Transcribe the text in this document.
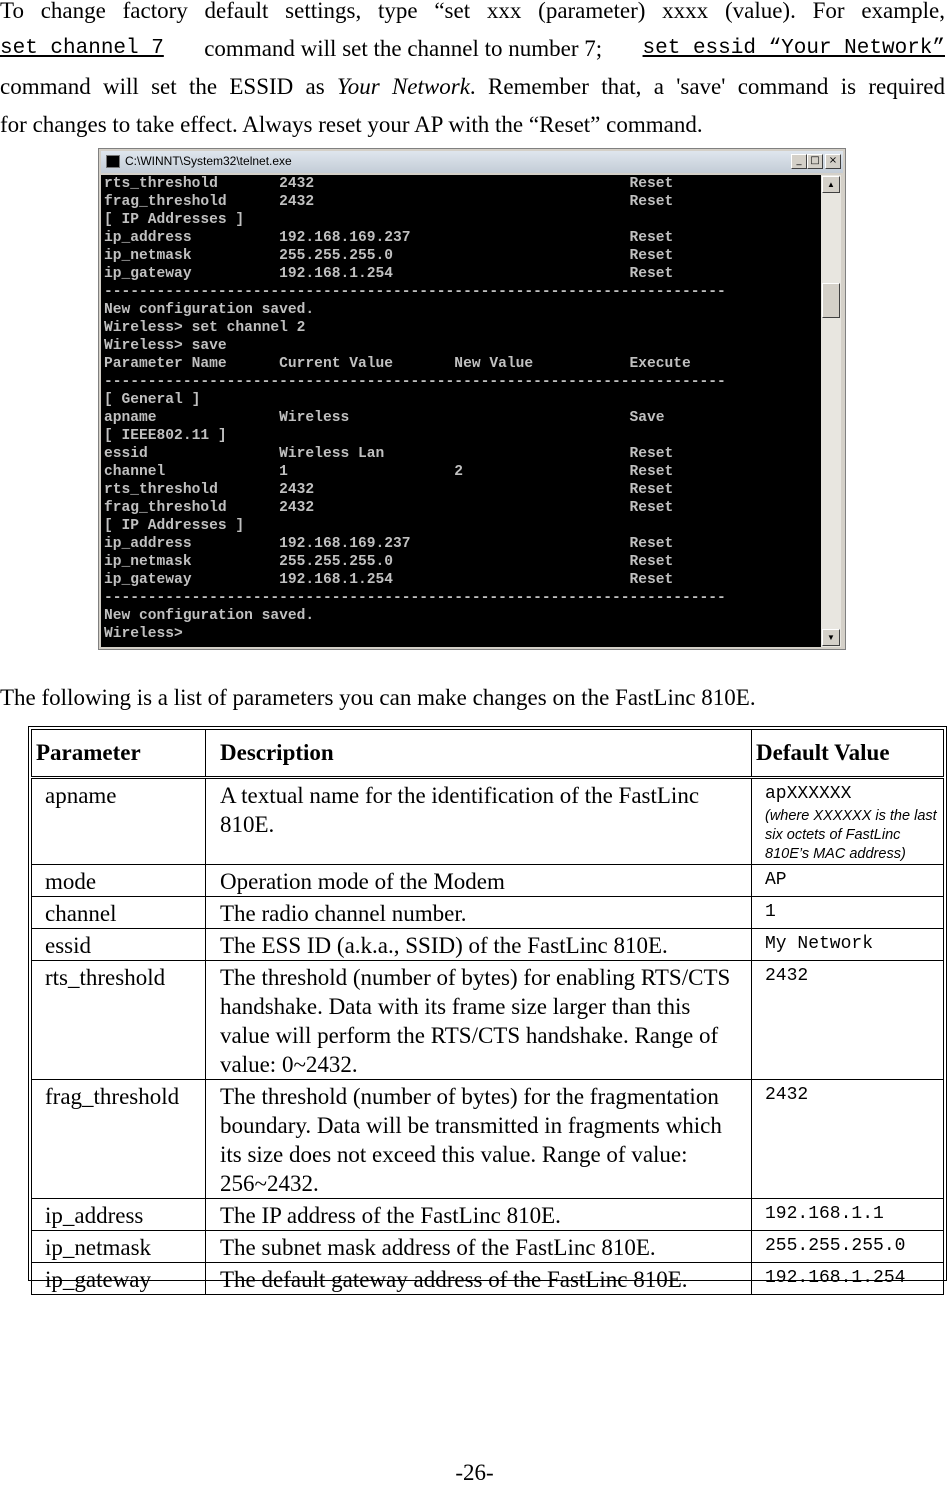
To change factory default settings, type “set xxx (parameter) xxxx (value). For example,
set channel 7 command will set the channel to number 7; set essid “Your Network”
command will set the ESSID as Your Network. Remember that, a 'save' command is required
for changes to take effect. Always reset your AP with the “Reset” command.
C:\WINNT\System32\telnet.exe	_ □ ×
rts_threshold       2432                                    Reset
frag_threshold      2432                                    Reset
[ IP Addresses ]
ip_address          192.168.169.237                         Reset
ip_netmask          255.255.255.0                           Reset
ip_gateway          192.168.1.254                           Reset
-----------------------------------------------------------------------
New configuration saved.
Wireless> set channel 2
Wireless> save
Parameter Name      Current Value       New Value           Execute
-----------------------------------------------------------------------
[ General ]
apname              Wireless                                Save
[ IEEE802.11 ]
essid               Wireless Lan                            Reset
channel             1                   2                   Reset
rts_threshold       2432                                    Reset
frag_threshold      2432                                    Reset
[ IP Addresses ]
ip_address          192.168.169.237                         Reset
ip_netmask          255.255.255.0                           Reset
ip_gateway          192.168.1.254                           Reset
-----------------------------------------------------------------------
New configuration saved.
Wireless>

▲
▼
The following is a list of parameters you can make changes on the FastLinc 810E.
Parameter	Description	Default Value
apname	A textual name for the identification of the FastLinc 810E.	apXXXXXX
(where XXXXXX is the last six octets of FastLinc 810E’s MAC address)

mode	Operation mode of the Modem	AP
channel	The radio channel number.	1
essid	The ESS ID (a.k.a., SSID) of the FastLinc 810E.	My Network
rts_threshold	The threshold (number of bytes) for enabling RTS/CTS handshake. Data with its frame size larger than this value will perform the RTS/CTS handshake. Range of value: 0~2432.	2432
frag_threshold	The threshold (number of bytes) for the fragmentation boundary. Data will be transmitted in fragments which its size does not exceed this value. Range of value: 256~2432.	2432
ip_address	The IP address of the FastLinc 810E.	192.168.1.1
ip_netmask	The subnet mask address of the FastLinc 810E.	255.255.255.0
ip_gateway	The default gateway address of the FastLinc 810E.	192.168.1.254
-26-
